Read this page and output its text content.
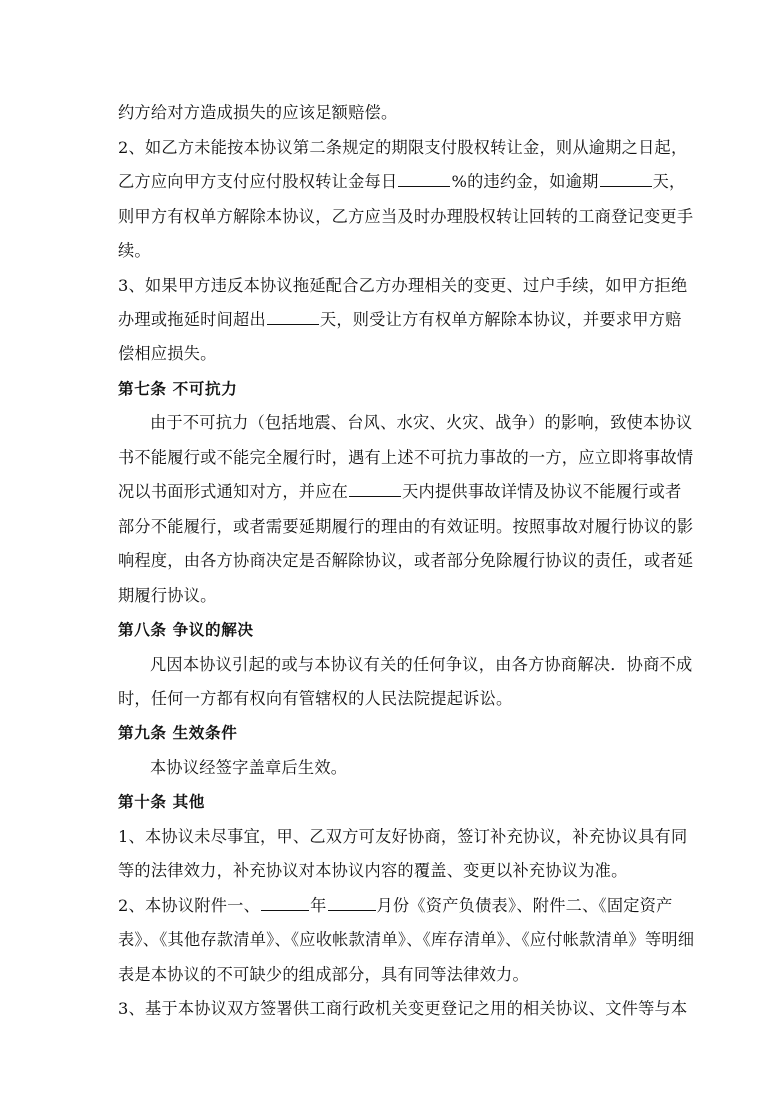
约方给对方造成损失的应该足额赔偿。
2、如乙方未能按本协议第二条规定的期限支付股权转让金，则从逾期之日起，
乙方应向甲方支付应付股权转让金每日	%的违约金，如逾期	天，
则甲方有权单方解除本协议，乙方应当及时办理股权转让回转的工商登记变更手
续。
3、如果甲方违反本协议拖延配合乙方办理相关的变更、过户手续，如甲方拒绝
办理或拖延时间超出	天，则受让方有权单方解除本协议，并要求甲方赔
偿相应损失。
第七条 不可抗力
由于不可抗力（包括地震、台风、水灾、火灾、战争）的影响，致使本协议
书不能履行或不能完全履行时，遇有上述不可抗力事故的一方，应立即将事故情
况以书面形式通知对方，并应在	天内提供事故详情及协议不能履行或者
部分不能履行，或者需要延期履行的理由的有效证明。按照事故对履行协议的影
响程度，由各方协商决定是否解除协议，或者部分免除履行协议的责任，或者延
期履行协议。
第八条 争议的解决
凡因本协议引起的或与本协议有关的任何争议，由各方协商解决．协商不成
时，任何一方都有权向有管辖权的人民法院提起诉讼。
第九条 生效条件
本协议经签字盖章后生效。
第十条 其他
1、本协议未尽事宜，甲、乙双方可友好协商，签订补充协议，补充协议具有同
等的法律效力，补充协议对本协议内容的覆盖、变更以补充协议为准。
2、本协议附件一、	年	月份《资产负债表》、附件二、《固定资产
表》、《其他存款清单》、《应收帐款清单》、《库存清单》、《应付帐款清单》等明细
表是本协议的不可缺少的组成部分，具有同等法律效力。
3、基于本协议双方签署供工商行政机关变更登记之用的相关协议、文件等与本
